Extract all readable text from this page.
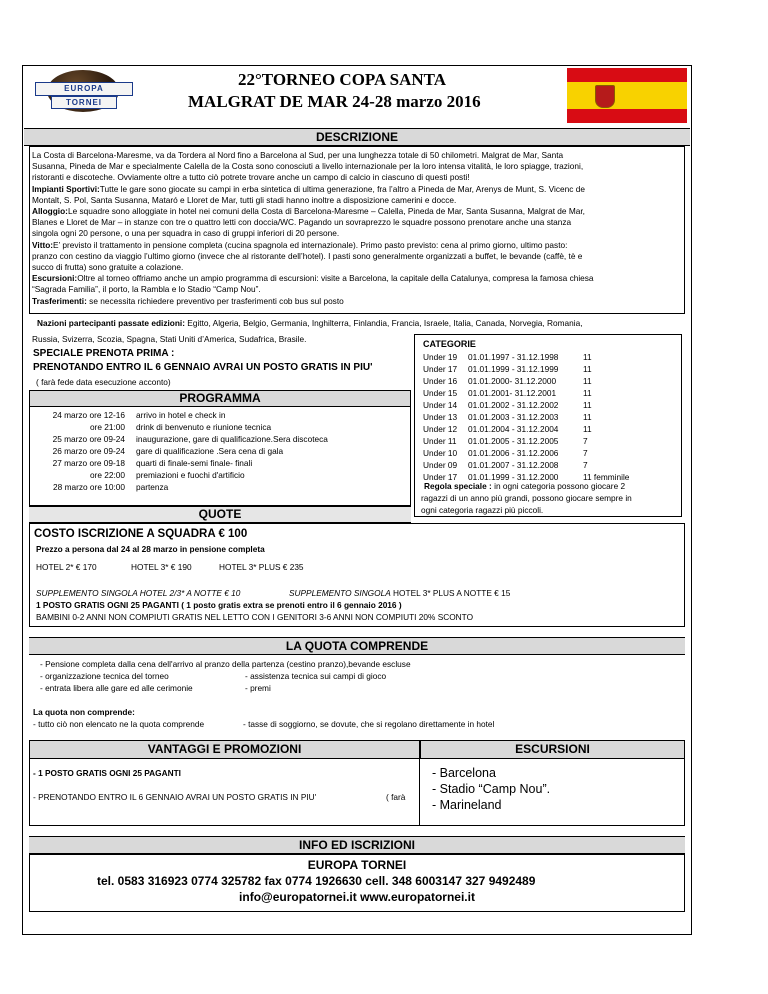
EUROPA
TORNEI
22°TORNEO COPA SANTA
MALGRAT DE MAR 24-28 marzo 2016
DESCRIZIONE

La Costa di Barcelona-Maresme, va da Tordera al Nord fino a Barcelona al Sud, per una lunghezza totale di 50 chilometri. Malgrat de Mar, Santa

Susanna, Pineda de Mar e specialmente Calella de la Costa sono conosciuti a livello internazionale per la loro intensa vitalità, le loro spiagge, trazioni,

ristoranti e discoteche. Ovviamente oltre a tutto ciò potrete trovare anche un campo di calcio in ciascuno di questi posti!

Impianti Sportivi:Tutte le gare sono giocate su campi in erba sintetica di ultima generazione, fra l’altro a Pineda de Mar, Arenys de Munt, S. Vicenc de

Montalt, S. Pol, Santa Susanna, Mataró e Lloret de Mar, tutti gli stadi hanno inoltre a disposizione camerini e docce.

Alloggio:Le squadre sono alloggiate in hotel nei comuni della Costa di Barcelona-Maresme – Calella, Pineda de Mar, Santa Susanna, Malgrat de Mar,

Blanes e Lloret de Mar – in stanze con tre o quattro letti con doccia/WC. Pagando un sovraprezzo le squadre possono prenotare anche una stanza

singola ogni 20 persone, o una per squadra in caso di gruppi inferiori di 20 persone.

Vitto:E’ previsto il trattamento in pensione completa (cucina spagnola ed internazionale). Primo pasto previsto: cena al primo giorno, ultimo pasto:

pranzo con cestino da viaggio l’ultimo giorno (invece che al ristorante dell’hotel). I pasti sono generalmente organizzati a buffet, le bevande (caffè, tè e

succo di frutta) sono gratuite a colazione.

Escursioni:Oltre al torneo offriamo anche un ampio programma di escursioni: visite a Barcelona, la capitale della Catalunya, compresa la famosa chiesa

“Sagrada Familia”, il porto, la Rambla e lo Stadio “Camp Nou”.

Trasferimenti: se necessita richiedere preventivo per trasferimenti cob bus sul posto

Nazioni partecipanti passate edizioni: Egitto, Algeria, Belgio, Germania, Inghilterra, Finlandia, Francia, Israele, Italia, Canada, Norvegia, Romania,
Russia, Svizerra, Scozia, Spagna, Stati Uniti d’America, Sudafrica, Brasile.
SPECIALE PRENOTA PRIMA :
PRENOTANDO ENTRO IL 6 GENNAIO AVRAI UN POSTO GRATIS IN PIU'
( farà fede data esecuzione acconto)
CATEGORIE
Under 19 01.01.1997 - 31.12.1998	11
Under 17 01.01.1999 - 31.12.1999	11
Under 16 01.01.2000- 31.12.2000	11
Under 15 01.01.2001- 31.12.2001	11
Under 14 01.01.2002 - 31.12.2002	11
Under 13 01.01.2003 - 31.12.2003	11
Under 12 01.01.2004 - 31.12.2004	11
Under 11 01.01.2005 - 31.12.2005	7
Under 10 01.01.2006 - 31.12.2006	7
Under 09 01.01.2007 - 31.12.2008	7
Under 17 01.01.1999 - 31.12.2000	11 femminile
Regola speciale : in ogni categoria possono giocare 2
ragazzi di un anno più grandi, possono giocare sempre in
ogni categoria ragazzi più piccoli.
PROGRAMMA
24 marzo ore 12-16 arrivo in hotel e check in
ore 21:00 drink di benvenuto e riunione tecnica
25 marzo ore 09-24 inaugurazione, gare di qualificazione.Sera discoteca
26 marzo ore 09-24 gare di qualificazione .Sera cena di gala
27 marzo ore 09-18 quarti di finale-semi finale- finali
ore 22:00 premiazioni e fuochi d'artificio
28 marzo ore 10:00 partenza
QUOTE
COSTO ISCRIZIONE A SQUADRA € 100
Prezzo a persona dal 24 al 28 marzo in pensione completa
HOTEL 2* € 170	HOTEL 3* € 190	HOTEL 3* PLUS € 235
SUPPLEMENTO SINGOLA HOTEL 2/3* A NOTTE € 10	SUPPLEMENTO SINGOLA HOTEL 3* PLUS A NOTTE € 15
1 POSTO GRATIS OGNI 25 PAGANTI ( 1 posto gratis extra se prenoti entro il 6 gennaio 2016 )
BAMBINI 0-2 ANNI NON COMPIUTI GRATIS NEL LETTO CON I GENITORI 3-6 ANNI NON COMPIUTI 20% SCONTO
LA QUOTA COMPRENDE
- Pensione completa dalla cena dell'arrivo al pranzo della partenza (cestino pranzo),bevande escluse
- organizzazione tecnica del torneo
- entrata libera alle gare ed alle cerimonie
- assistenza tecnica sui campi di gioco
- premi
La quota non comprende:
- tutto ciò non elencato ne la quota comprende	- tasse di soggiorno, se dovute, che si regolano direttamente in hotel
VANTAGGI E PROMOZIONI	ESCURSIONI
- 1 POSTO GRATIS OGNI 25 PAGANTI
- PRENOTANDO ENTRO IL 6 GENNAIO AVRAI UN POSTO GRATIS IN PIU'	( farà
- Barcelona
- Stadio “Camp Nou”.
- Marineland
INFO ED ISCRIZIONI
EUROPA TORNEI
tel. 0583 316923 0774 325782 fax 0774 1926630 cell. 348 6003147 327 9492489
info@europatornei.it www.europatornei.it
